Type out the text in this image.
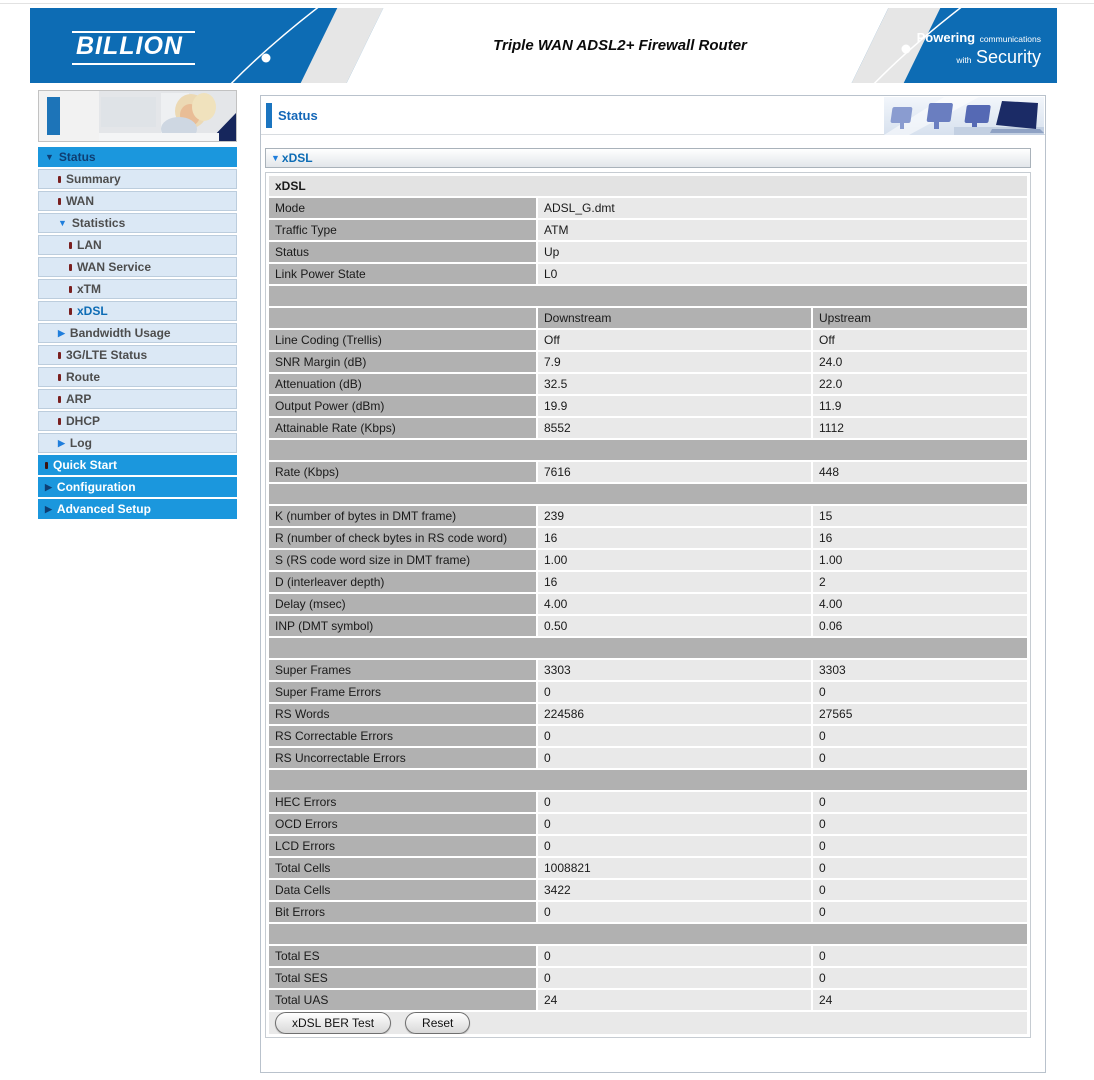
BILLION	Triple WAN ADSL2+ Firewall Router	Powering communications
with Security
▼ Status
Summary
WAN
▼ Statistics
LAN
WAN Service
xTM
xDSL
▶ Bandwidth Usage
3G/LTE Status
Route
ARP
DHCP
▶ Log
Quick Start
▶ Configuration
▶ Advanced Setup
Status
▼ xDSL
xDSL		
Mode	ADSL_G.dmt	
Traffic Type	ATM	
Status	Up	
Link Power State	L0	

	Downstream	Upstream
Line Coding (Trellis)	Off	Off
SNR Margin (dB)	7.9	24.0
Attenuation (dB)	32.5	22.0
Output Power (dBm)	19.9	11.9
Attainable Rate (Kbps)	8552	1112

Rate (Kbps)	7616	448

K (number of bytes in DMT frame)	239	15
R (number of check bytes in RS code word)	16	16
S (RS code word size in DMT frame)	1.00	1.00
D (interleaver depth)	16	2
Delay (msec)	4.00	4.00
INP (DMT symbol)	0.50	0.06

Super Frames	3303	3303
Super Frame Errors	0	0
RS Words	224586	27565
RS Correctable Errors	0	0
RS Uncorrectable Errors	0	0

HEC Errors	0	0
OCD Errors	0	0
LCD Errors	0	0
Total Cells	1008821	0
Data Cells	3422	0
Bit Errors	0	0

Total ES	0	0
Total SES	0	0
Total UAS	24	24
xDSL BER Test Reset		
